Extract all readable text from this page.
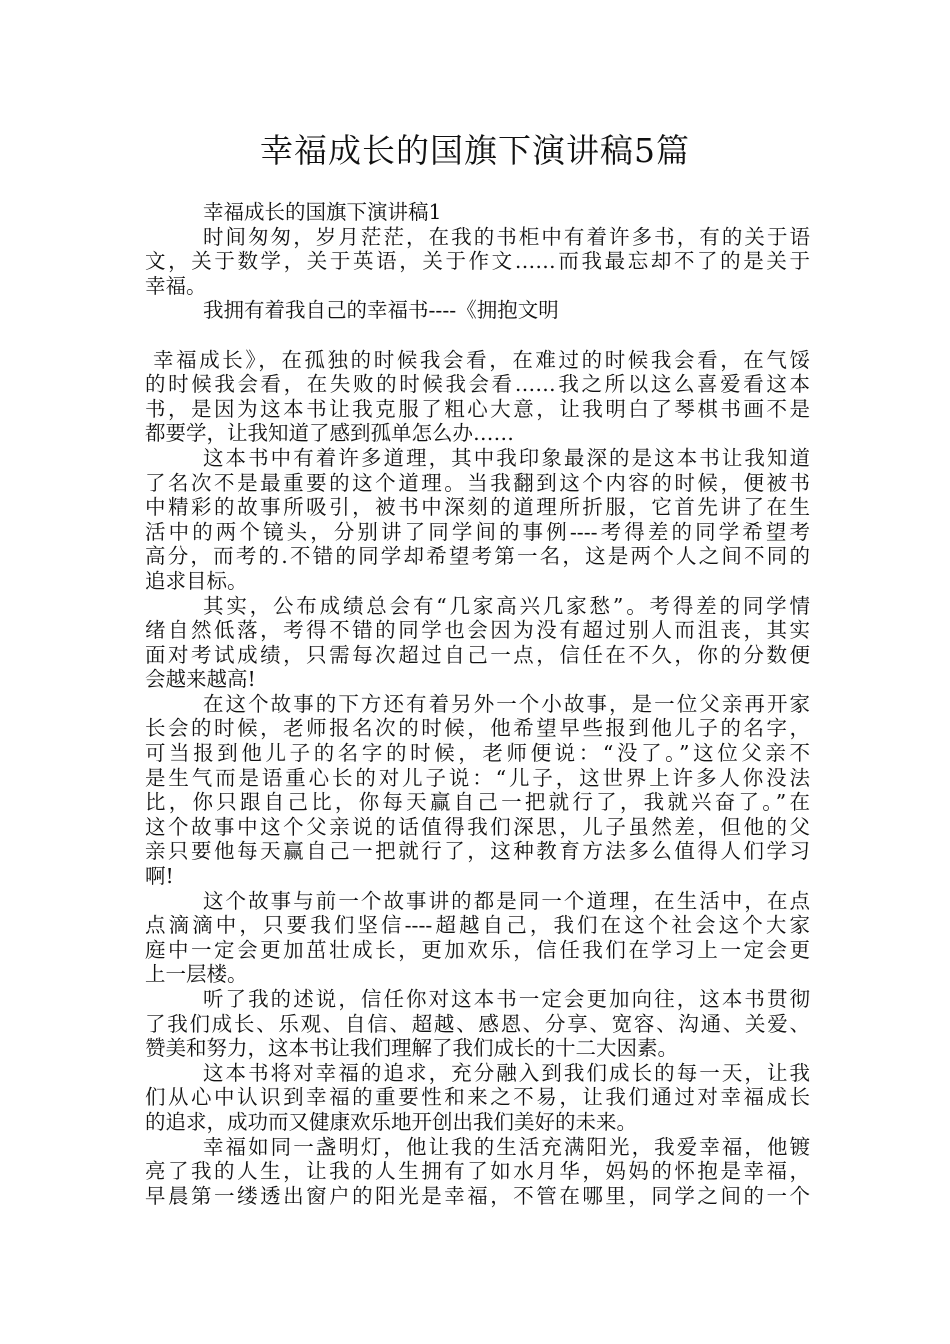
幸福成长的国旗下演讲稿5篇
幸福成长的国旗下演讲稿1
时间匆匆，岁月茫茫，在我的书柜中有着许多书，有的关于语
文，关于数学，关于英语，关于作文……而我最忘却不了的是关于
幸福。
我拥有着我自己的幸福书----《拥抱文明
幸福成长》，在孤独的时候我会看，在难过的时候我会看，在气馁
的时候我会看，在失败的时候我会看……我之所以这么喜爱看这本
书，是因为这本书让我克服了粗心大意，让我明白了琴棋书画不是
都要学，让我知道了感到孤单怎么办……
这本书中有着许多道理，其中我印象最深的是这本书让我知道
了名次不是最重要的这个道理。当我翻到这个内容的时候，便被书
中精彩的故事所吸引，被书中深刻的道理所折服，它首先讲了在生
活中的两个镜头，分别讲了同学间的事例----考得差的同学希望考
高分，而考的.不错的同学却希望考第一名，这是两个人之间不同的
追求目标。
其实，公布成绩总会有“几家高兴几家愁”。考得差的同学情
绪自然低落，考得不错的同学也会因为没有超过别人而沮丧，其实
面对考试成绩，只需每次超过自己一点，信任在不久，你的分数便
会越来越高!
在这个故事的下方还有着另外一个小故事，是一位父亲再开家
长会的时候，老师报名次的时候，他希望早些报到他儿子的名字，
可当报到他儿子的名字的时候，老师便说：“没了。”这位父亲不
是生气而是语重心长的对儿子说：“儿子，这世界上许多人你没法
比，你只跟自己比，你每天赢自己一把就行了，我就兴奋了。”在
这个故事中这个父亲说的话值得我们深思，儿子虽然差，但他的父
亲只要他每天赢自己一把就行了，这种教育方法多么值得人们学习
啊!
这个故事与前一个故事讲的都是同一个道理，在生活中，在点
点滴滴中，只要我们坚信----超越自己，我们在这个社会这个大家
庭中一定会更加茁壮成长，更加欢乐，信任我们在学习上一定会更
上一层楼。
听了我的述说，信任你对这本书一定会更加向往，这本书贯彻
了我们成长、乐观、自信、超越、感恩、分享、宽容、沟通、关爱、
赞美和努力，这本书让我们理解了我们成长的十二大因素。
这本书将对幸福的追求，充分融入到我们成长的每一天，让我
们从心中认识到幸福的重要性和来之不易，让我们通过对幸福成长
的追求，成功而又健康欢乐地开创出我们美好的未来。
幸福如同一盏明灯，他让我的生活充满阳光，我爱幸福，他镀
亮了我的人生，让我的人生拥有了如水月华，妈妈的怀抱是幸福，
早晨第一缕透出窗户的阳光是幸福，不管在哪里，同学之间的一个
